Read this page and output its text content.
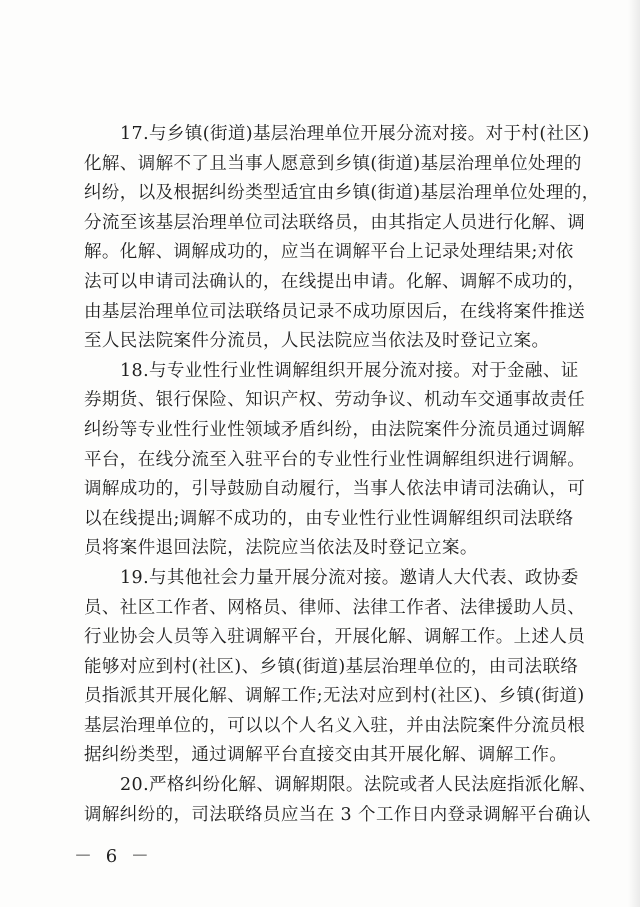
17.与乡镇(街道)基层治理单位开展分流对接。对于村(社区)
化解、调解不了且当事人愿意到乡镇(街道)基层治理单位处理的
纠纷，以及根据纠纷类型适宜由乡镇(街道)基层治理单位处理的，
分流至该基层治理单位司法联络员，由其指定人员进行化解、调
解。化解、调解成功的，应当在调解平台上记录处理结果;对依
法可以申请司法确认的，在线提出申请。化解、调解不成功的，
由基层治理单位司法联络员记录不成功原因后，在线将案件推送
至人民法院案件分流员，人民法院应当依法及时登记立案。
18.与专业性行业性调解组织开展分流对接。对于金融、证
券期货、银行保险、知识产权、劳动争议、机动车交通事故责任
纠纷等专业性行业性领域矛盾纠纷，由法院案件分流员通过调解
平台，在线分流至入驻平台的专业性行业性调解组织进行调解。
调解成功的，引导鼓励自动履行，当事人依法申请司法确认，可
以在线提出;调解不成功的，由专业性行业性调解组织司法联络
员将案件退回法院，法院应当依法及时登记立案。
19.与其他社会力量开展分流对接。邀请人大代表、政协委
员、社区工作者、网格员、律师、法律工作者、法律援助人员、
行业协会人员等入驻调解平台，开展化解、调解工作。上述人员
能够对应到村(社区)、乡镇(街道)基层治理单位的，由司法联络
员指派其开展化解、调解工作;无法对应到村(社区)、乡镇(街道)
基层治理单位的，可以以个人名义入驻，并由法院案件分流员根
据纠纷类型，通过调解平台直接交由其开展化解、调解工作。
20.严格纠纷化解、调解期限。法院或者人民法庭指派化解、
调解纠纷的，司法联络员应当在 3 个工作日内登录调解平台确认
－ 6 －
